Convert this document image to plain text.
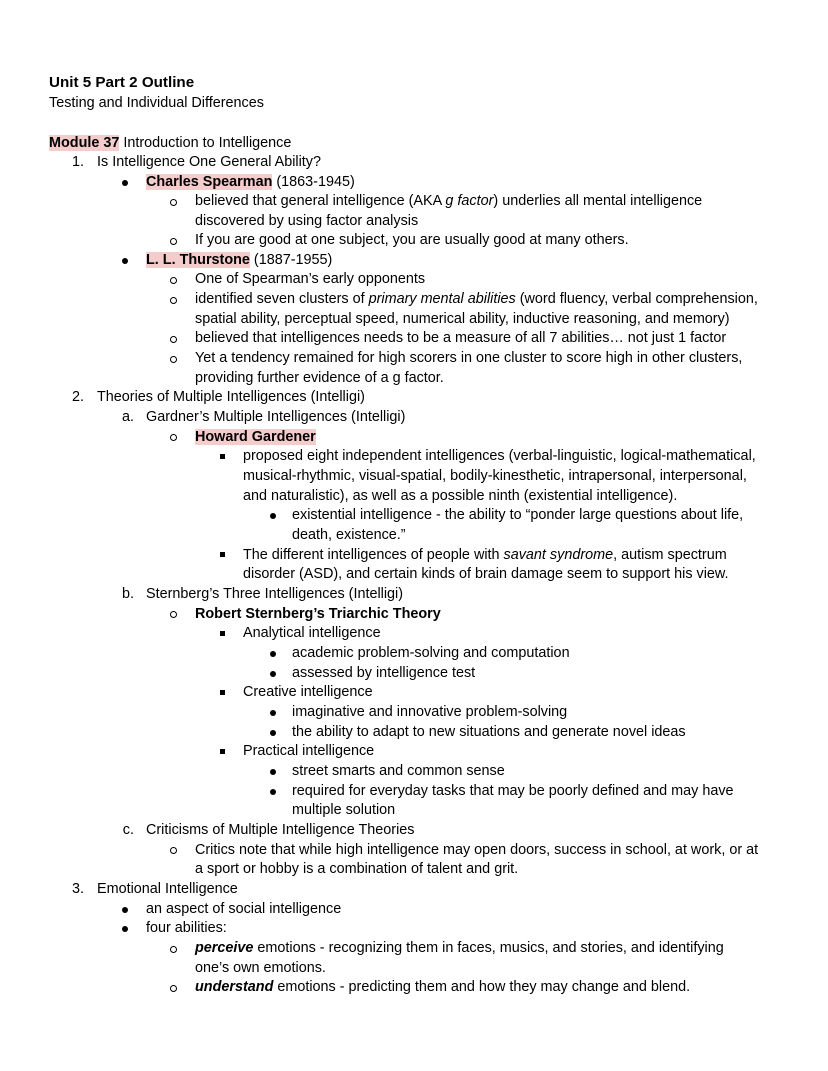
Unit 5 Part 2 Outline
Testing and Individual Differences
Module 37 Introduction to Intelligence
1. Is Intelligence One General Ability?
Charles Spearman (1863-1945)
believed that general intelligence (AKA g factor) underlies all mental intelligence
discovered by using factor analysis
If you are good at one subject, you are usually good at many others.
L. L. Thurstone (1887-1955)
One of Spearman’s early opponents
identified seven clusters of primary mental abilities (word fluency, verbal comprehension,
spatial ability, perceptual speed, numerical ability, inductive reasoning, and memory)
believed that intelligences needs to be a measure of all 7 abilities… not just 1 factor
Yet a tendency remained for high scorers in one cluster to score high in other clusters,
providing further evidence of a g factor.
2. Theories of Multiple Intelligences (Intelligi)
a. Gardner’s Multiple Intelligences (Intelligi)
Howard Gardener
proposed eight independent intelligences (verbal-linguistic, logical-mathematical,
musical-rhythmic, visual-spatial, bodily-kinesthetic, intrapersonal, interpersonal,
and naturalistic), as well as a possible ninth (existential intelligence).
existential intelligence - the ability to “ponder large questions about life,
death, existence.”
The different intelligences of people with savant syndrome, autism spectrum
disorder (ASD), and certain kinds of brain damage seem to support his view.
b. Sternberg’s Three Intelligences (Intelligi)
Robert Sternberg’s Triarchic Theory
Analytical intelligence
academic problem-solving and computation
assessed by intelligence test
Creative intelligence
imaginative and innovative problem-solving
the ability to adapt to new situations and generate novel ideas
Practical intelligence
street smarts and common sense
required for everyday tasks that may be poorly defined and may have
multiple solution
c. Criticisms of Multiple Intelligence Theories
Critics note that while high intelligence may open doors, success in school, at work, or at
a sport or hobby is a combination of talent and grit.
3. Emotional Intelligence
an aspect of social intelligence
four abilities:
perceive emotions - recognizing them in faces, musics, and stories, and identifying
one’s own emotions.
understand emotions - predicting them and how they may change and blend.
